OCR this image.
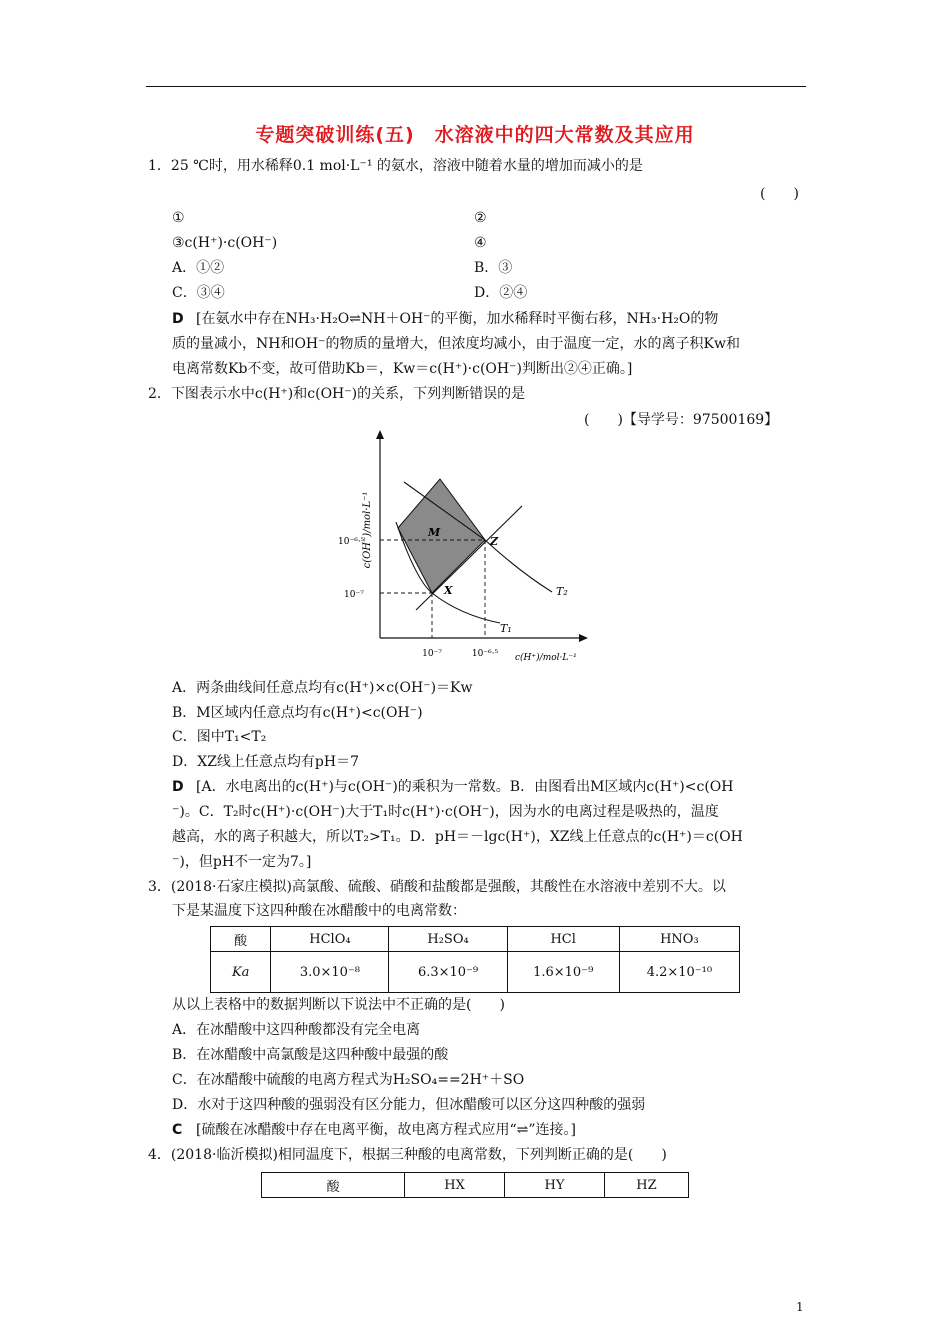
专题突破训练(五)　水溶液中的四大常数及其应用
1．25 ℃时，用水稀释0.1 mol·L⁻¹ 的氨水，溶液中随着水量的增加而减小的是
(　　)
①	②
③c(H⁺)·c(OH⁻)	④
A．①②	B．③
C．③④	D．②④
D [在氨水中存在NH₃·H₂O⇌NH＋OH⁻的平衡，加水稀释时平衡右移，NH₃·H₂O的物
质的量减小，NH和OH⁻的物质的量增大，但浓度均减小，由于温度一定，水的离子积Kw和
电离常数Kb不变，故可借助Kb＝，Kw＝c(H⁺)·c(OH⁻)判断出②④正确。]
2．下图表示水中c(H⁺)和c(OH⁻)的关系，下列判断错误的是
(　　)【导学号：97500169】
c(OH⁻)/mol·L⁻¹
10⁻⁶·⁵
10⁻⁷
10⁻⁷	10⁻⁶·⁵ c(H⁺)/mol·L⁻¹
M
Z
X	T₂
T₁
A．两条曲线间任意点均有c(H⁺)×c(OH⁻)＝Kw
B．M区域内任意点均有c(H⁺)<c(OH⁻)
C．图中T₁<T₂
D．XZ线上任意点均有pH＝7
D [A．水电离出的c(H⁺)与c(OH⁻)的乘积为一常数。B．由图看出M区域内c(H⁺)<c(OH
⁻)。C．T₂时c(H⁺)·c(OH⁻)大于T₁时c(H⁺)·c(OH⁻)，因为水的电离过程是吸热的，温度
越高，水的离子积越大，所以T₂>T₁。D．pH＝－lgc(H⁺)，XZ线上任意点的c(H⁺)＝c(OH
⁻)，但pH不一定为7。]
3．(2018·石家庄模拟)高氯酸、硫酸、硝酸和盐酸都是强酸，其酸性在水溶液中差别不大。以
下是某温度下这四种酸在冰醋酸中的电离常数：
酸	HClO₄	H₂SO₄	HCl	HNO₃
Ka	3.0×10⁻⁸	6.3×10⁻⁹	1.6×10⁻⁹	4.2×10⁻¹⁰
从以上表格中的数据判断以下说法中不正确的是(　　)
A．在冰醋酸中这四种酸都没有完全电离
B．在冰醋酸中高氯酸是这四种酸中最强的酸
C．在冰醋酸中硫酸的电离方程式为H₂SO₄==2H⁺＋SO
D．水对于这四种酸的强弱没有区分能力，但冰醋酸可以区分这四种酸的强弱
C [硫酸在冰醋酸中存在电离平衡，故电离方程式应用“⇌”连接。]
4．(2018·临沂模拟)相同温度下，根据三种酸的电离常数，下列判断正确的是(　　)
酸	HX	HY	HZ
1
